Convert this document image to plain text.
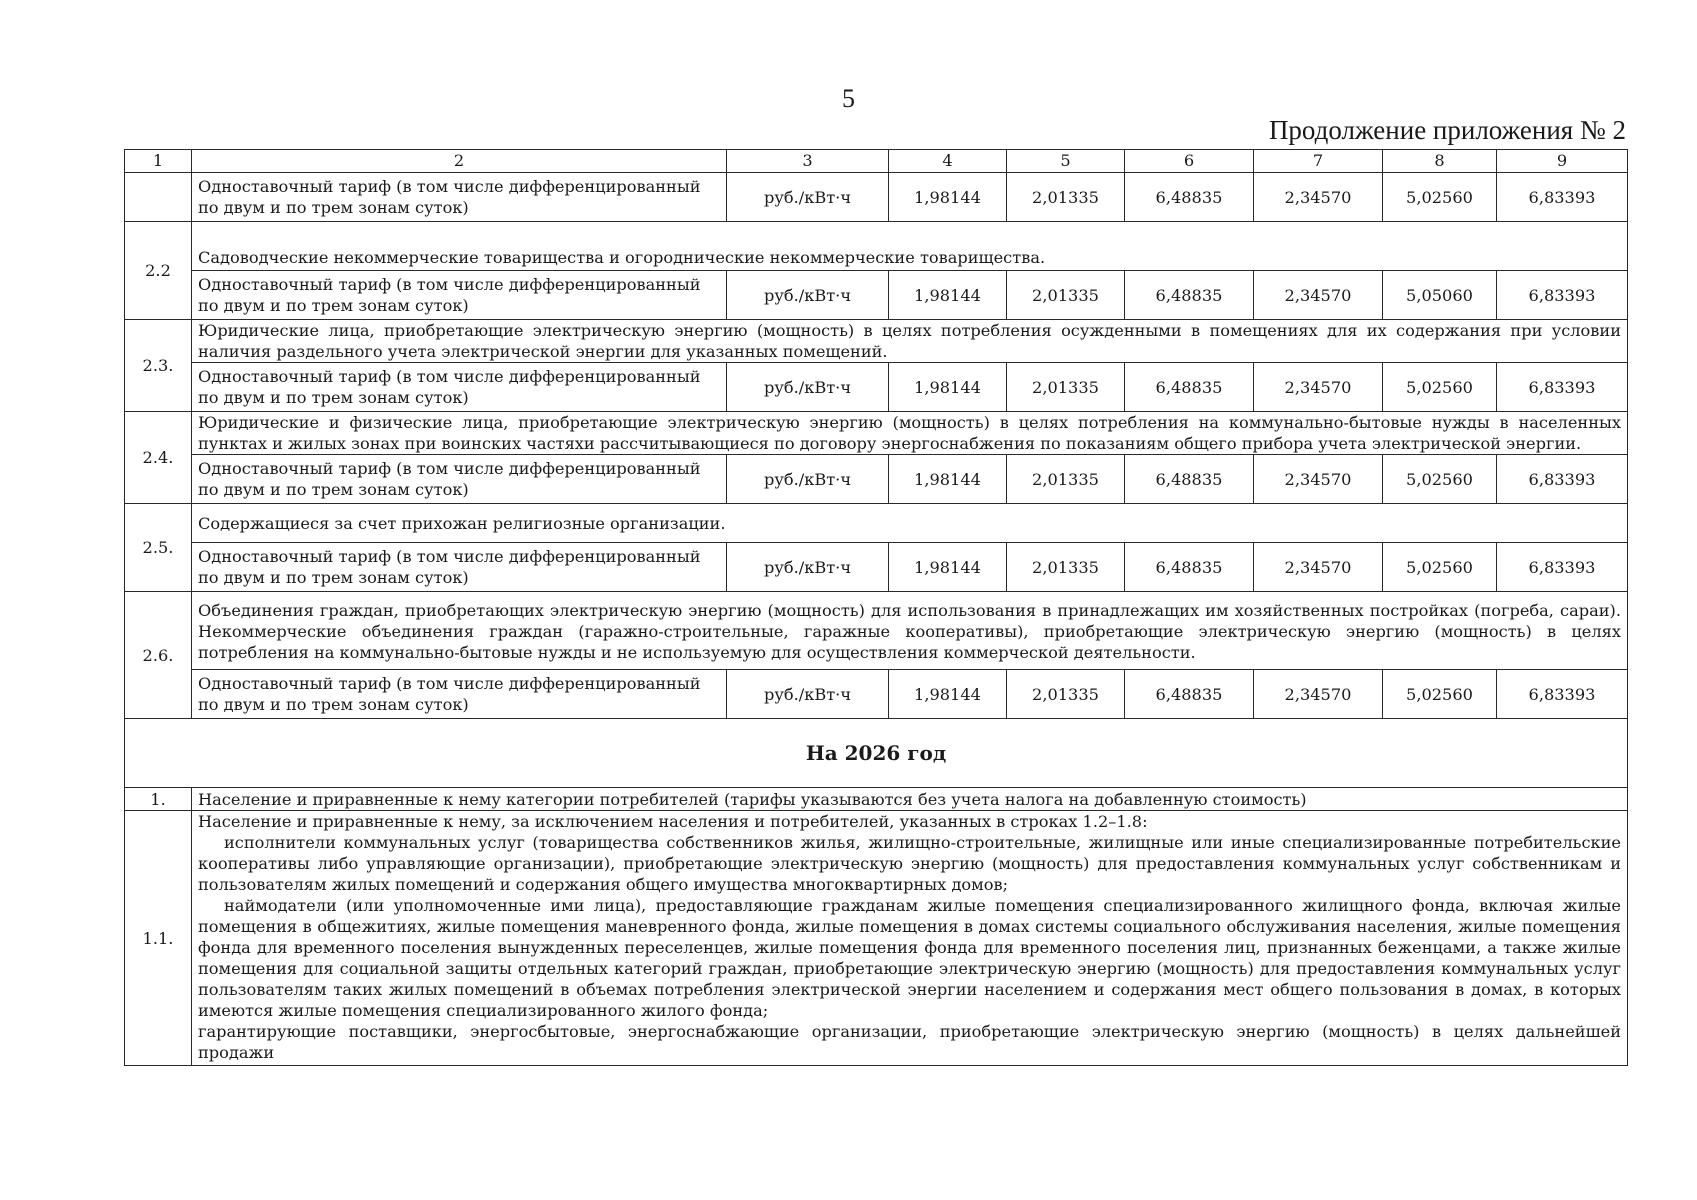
5
Продолжение приложения № 2
1	2	3	4	5	6	7	8	9
	Одноставочный тариф (в том числе дифференцированный по двум и по трем зонам суток)	руб./кВт·ч	1,98144	2,01335	6,48835	2,34570	5,02560	6,83393
2.2	Садоводческие некоммерческие товарищества и огороднические некоммерческие товарищества.							
	Одноставочный тариф (в том числе дифференцированный по двум и по трем зонам суток)	руб./кВт·ч	1,98144	2,01335	6,48835	2,34570	5,05060	6,83393
2.3.	Юридические лица, приобретающие электрическую энергию (мощность) в целях потребления осужденными в помещениях для их содержания при условии наличия раздельного учета электрической энергии для указанных помещений.							
	Одноставочный тариф (в том числе дифференцированный по двум и по трем зонам суток)	руб./кВт·ч	1,98144	2,01335	6,48835	2,34570	5,02560	6,83393
2.4.	Юридические и физические лица, приобретающие электрическую энергию (мощность) в целях потребления на коммунально-бытовые нужды в населенных пунктах и жилых зонах при воинских частяхи рассчитывающиеся по договору энергоснабжения по показаниям общего прибора учета электрической энергии.							
	Одноставочный тариф (в том числе дифференцированный по двум и по трем зонам суток)	руб./кВт·ч	1,98144	2,01335	6,48835	2,34570	5,02560	6,83393
2.5.	Содержащиеся за счет прихожан религиозные организации.							
	Одноставочный тариф (в том числе дифференцированный по двум и по трем зонам суток)	руб./кВт·ч	1,98144	2,01335	6,48835	2,34570	5,02560	6,83393
2.6.	Объединения граждан, приобретающих электрическую энергию (мощность) для использования в принадлежащих им хозяйственных постройках (погреба, сараи). Некоммерческие объединения граждан (гаражно-строительные, гаражные кооперативы), приобретающие электрическую энергию (мощность) в целях потребления на коммунально-бытовые нужды и не используемую для осуществления коммерческой деятельности.							
	Одноставочный тариф (в том числе дифференцированный по двум и по трем зонам суток)	руб./кВт·ч	1,98144	2,01335	6,48835	2,34570	5,02560	6,83393
На 2026 год								
1.	Население и приравненные к нему категории потребителей (тарифы указываются без учета налога на добавленную стоимость)							
1.1.	Население и приравненные к нему, за исключением населения и потребителей, указанных в строках 1.2–1.8:
исполнители коммунальных услуг (товарищества собственников жилья, жилищно-строительные, жилищные или иные специализированные потребительские кооперативы либо управляющие организации), приобретающие электрическую энергию (мощность) для предоставления коммунальных услуг собственникам и пользователям жилых помещений и содержания общего имущества многоквартирных домов;
наймодатели (или уполномоченные ими лица), предоставляющие гражданам жилые помещения специализированного жилищного фонда, включая жилые помещения в общежитиях, жилые помещения маневренного фонда, жилые помещения в домах системы социального обслуживания населения, жилые помещения фонда для временного поселения вынужденных переселенцев, жилые помещения фонда для временного поселения лиц, признанных беженцами, а также жилые помещения для социальной защиты отдельных категорий граждан, приобретающие электрическую энергию (мощность) для предоставления коммунальных услуг пользователям таких жилых помещений в объемах потребления электрической энергии населением и содержания мест общего пользования в домах, в которых имеются жилые помещения специализированного жилого фонда;
гарантирующие поставщики, энергосбытовые, энергоснабжающие организации, приобретающие электрическую энергию (мощность) в целях дальнейшей продажи							
